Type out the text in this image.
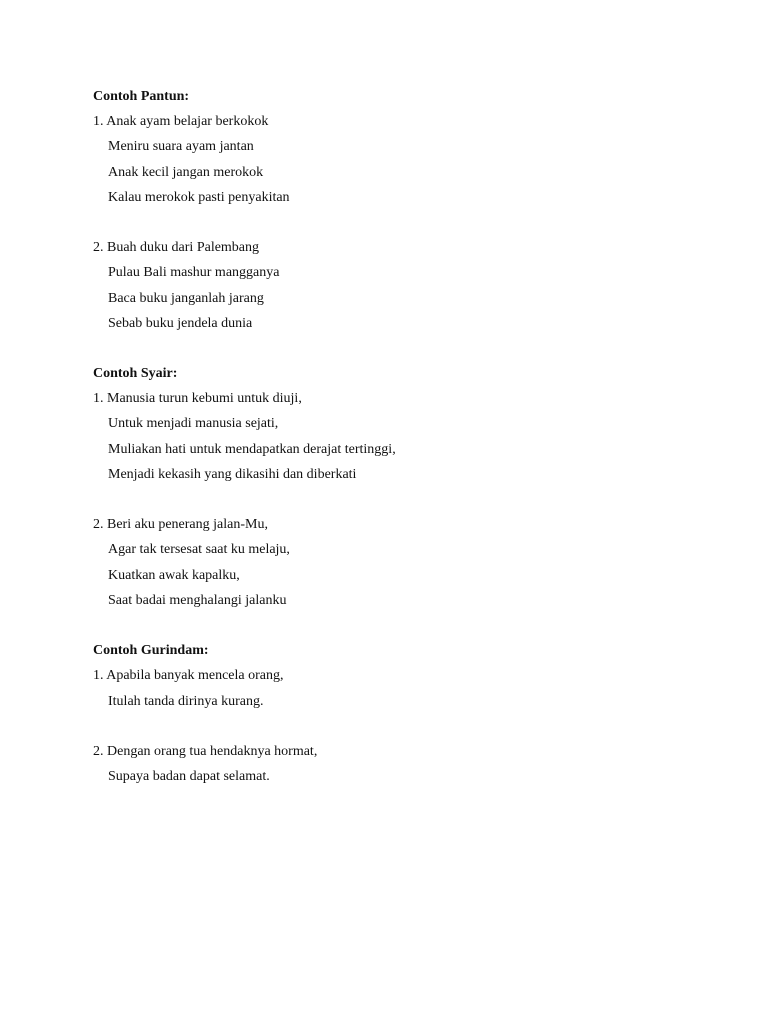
Contoh Pantun:
1. Anak ayam belajar berkokok
Meniru suara ayam jantan
Anak kecil jangan merokok
Kalau merokok pasti penyakitan
2. Buah duku dari Palembang
Pulau Bali mashur mangganya
Baca buku janganlah jarang
Sebab buku jendela dunia
Contoh Syair:
1. Manusia turun kebumi untuk diuji,
Untuk menjadi manusia sejati,
Muliakan hati untuk mendapatkan derajat tertinggi,
Menjadi kekasih yang dikasihi dan diberkati
2. Beri aku penerang jalan-Mu,
Agar tak tersesat saat ku melaju,
Kuatkan awak kapalku,
Saat badai menghalangi jalanku
Contoh Gurindam:
1. Apabila banyak mencela orang,
Itulah tanda dirinya kurang.
2. Dengan orang tua hendaknya hormat,
Supaya badan dapat selamat.
